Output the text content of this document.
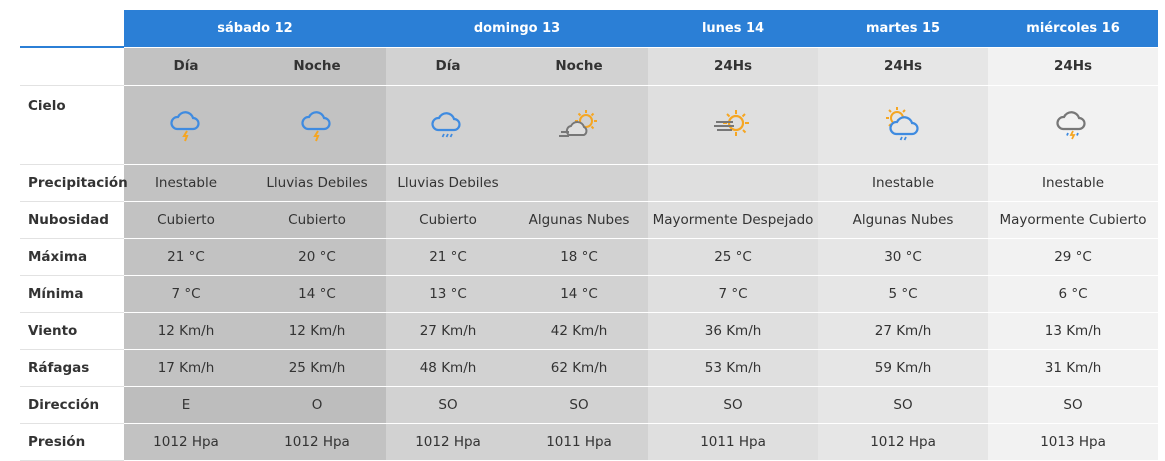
	sábado 12		domingo 13		lunes 14	martes 15	miércoles 16
	Día	Noche	Día	Noche	24Hs	24Hs	24Hs
Cielo	

Precipitación	Inestable	Lluvias Debiles	Lluvias Debiles			Inestable	Inestable
Nubosidad	Cubierto	Cubierto	Cubierto	Algunas Nubes	Mayormente Despejado	Algunas Nubes	Mayormente Cubierto
Máxima	21 °C	20 °C	21 °C	18 °C	25 °C	30 °C	29 °C
Mínima	7 °C	14 °C	13 °C	14 °C	7 °C	5 °C	6 °C
Viento	12 Km/h	12 Km/h	27 Km/h	42 Km/h	36 Km/h	27 Km/h	13 Km/h
Ráfagas	17 Km/h	25 Km/h	48 Km/h	62 Km/h	53 Km/h	59 Km/h	31 Km/h
Dirección	E	O	SO	SO	SO	SO	SO
Presión	1012 Hpa	1012 Hpa	1012 Hpa	1011 Hpa	1011 Hpa	1012 Hpa	1013 Hpa
